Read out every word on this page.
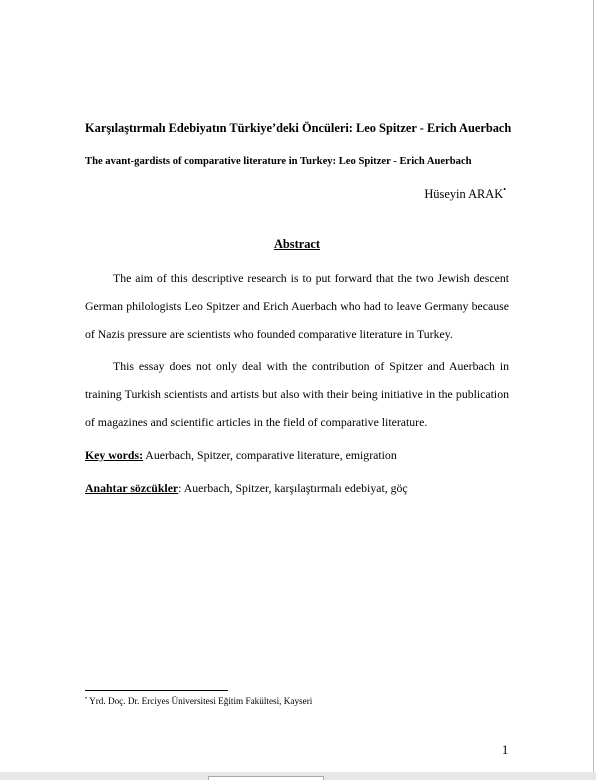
Karşılaştırmalı Edebiyatın Türkiye’deki Öncüleri: Leo Spitzer - Erich Auerbach
The avant-gardists of comparative literature in Turkey: Leo Spitzer - Erich Auerbach
Hüseyin ARAK•
Abstract

The aim of this descriptive research is to put forward that the two Jewish descent German philologists Leo Spitzer and Erich Auerbach who had to leave Germany because of Nazis pressure are scientists who founded comparative literature in Turkey.

This essay does not only deal with the contribution of Spitzer and Auerbach in training Turkish scientists and artists but also with their being initiative in the publication of magazines and scientific articles in the field of comparative literature.

Key words: Auerbach, Spitzer, comparative literature, emigration
Anahtar sözcükler: Auerbach, Spitzer, karşılaştırmalı edebiyat, göç
• Yrd. Doç. Dr. Erciyes Üniversitesi Eğitim Fakültesi, Kayseri
1
